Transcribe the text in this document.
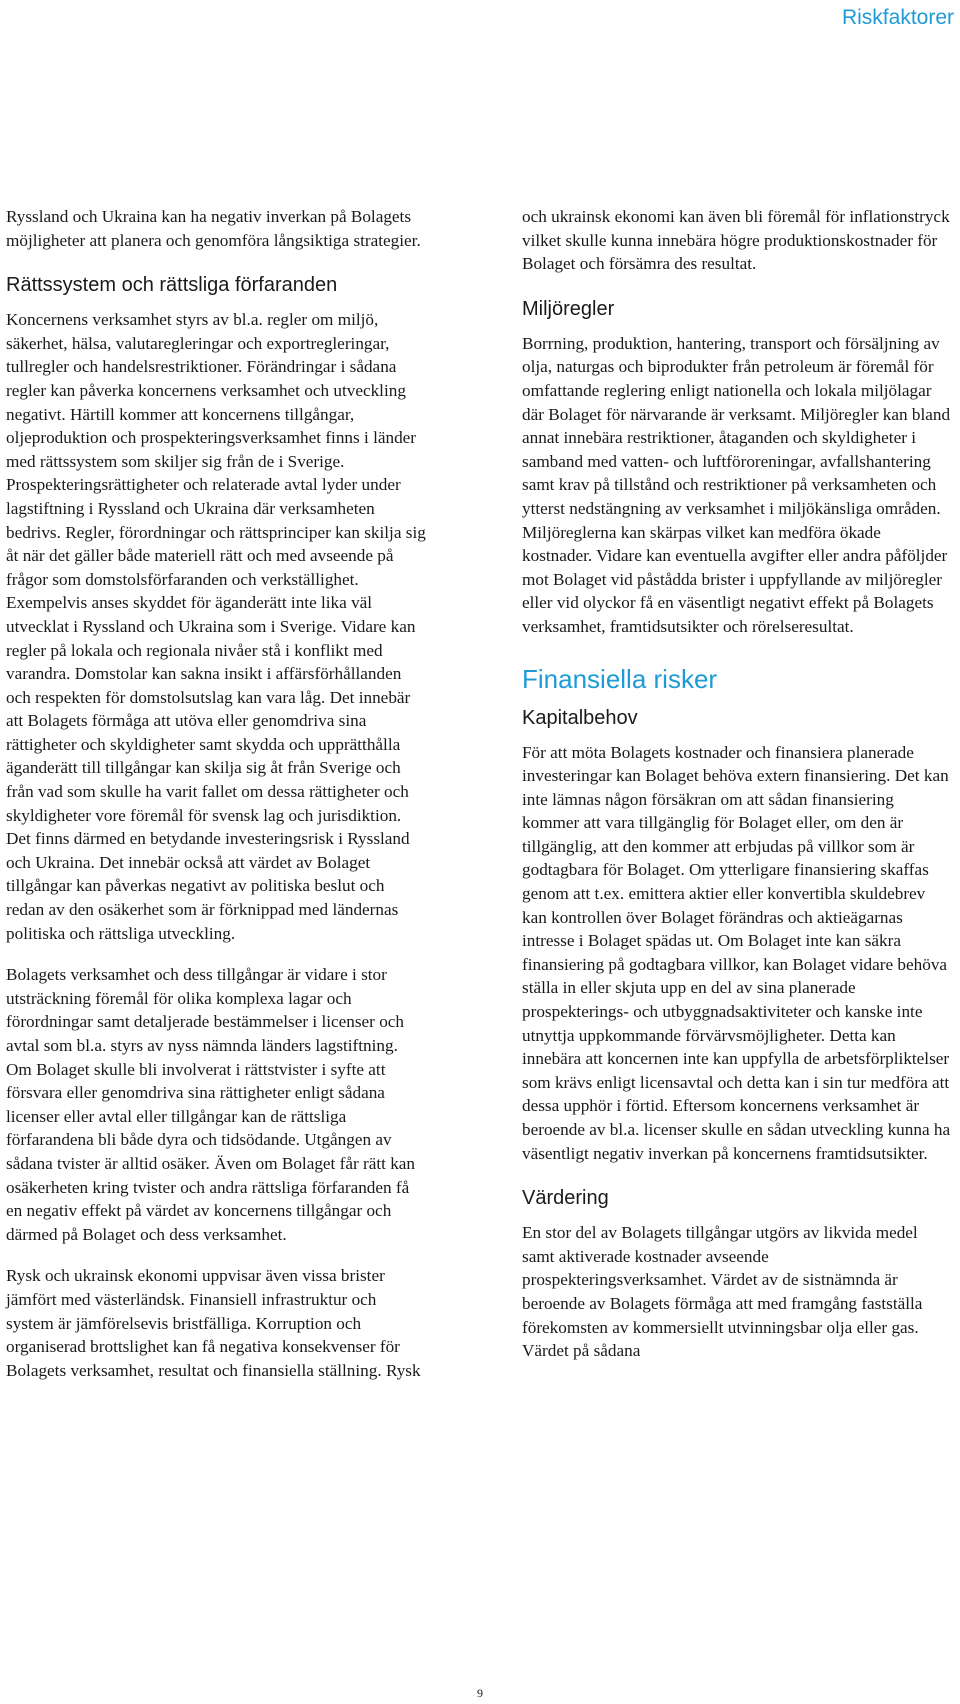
Riskfaktorer

Ryssland och Ukraina kan ha negativ inverkan på Bolagets möjligheter att planera och genomföra långsiktiga strategier.

Rättssystem och rättsliga förfaranden

Koncernens verksamhet styrs av bl.a. regler om miljö, säkerhet, hälsa, valutaregleringar och exportregleringar, tullregler och handelsrestriktioner. Förändringar i sådana regler kan påverka koncernens verksamhet och utveckling negativt. Härtill kommer att koncernens tillgångar, oljeproduktion och prospekteringsverksamhet finns i länder med rättssystem som skiljer sig från de i Sverige. Prospekteringsrättigheter och relaterade avtal lyder under lagstiftning i Ryssland och Ukraina där verksamheten bedrivs. Regler, förordningar och rättsprinciper kan skilja sig åt när det gäller både materiell rätt och med avseende på frågor som domstolsförfaranden och verkställighet. Exempelvis anses skyddet för äganderätt inte lika väl utvecklat i Ryssland och Ukraina som i Sverige. Vidare kan regler på lokala och regionala nivåer stå i konflikt med varandra. Domstolar kan sakna insikt i affärsförhållanden och respekten för domstolsutslag kan vara låg. Det innebär att Bolagets förmåga att utöva eller genomdriva sina rättigheter och skyldigheter samt skydda och upprätthålla äganderätt till tillgångar kan skilja sig åt från Sverige och från vad som skulle ha varit fallet om dessa rättigheter och skyldigheter vore föremål för svensk lag och jurisdiktion. Det finns därmed en betydande investeringsrisk i Ryssland och Ukraina. Det innebär också att värdet av Bolaget tillgångar kan påverkas negativt av politiska beslut och redan av den osäkerhet som är förknippad med ländernas politiska och rättsliga utveckling.

Bolagets verksamhet och dess tillgångar är vidare i stor utsträckning föremål för olika komplexa lagar och förordningar samt detaljerade bestämmelser i licenser och avtal som bl.a. styrs av nyss nämnda länders lagstiftning. Om Bolaget skulle bli involverat i rättstvister i syfte att försvara eller genomdriva sina rättigheter enligt sådana licenser eller avtal eller tillgångar kan de rättsliga förfarandena bli både dyra och tidsödande. Utgången av sådana tvister är alltid osäker. Även om Bolaget får rätt kan osäkerheten kring tvister och andra rättsliga förfaranden få en negativ effekt på värdet av koncernens tillgångar och därmed på Bolaget och dess verksamhet.

Rysk och ukrainsk ekonomi uppvisar även vissa brister jämfört med västerländsk. Finansiell infrastruktur och system är jämförelsevis bristfälliga. Korruption och organiserad brottslighet kan få negativa konsekvenser för Bolagets verksamhet, resultat och finansiella ställning. Rysk

och ukrainsk ekonomi kan även bli föremål för inflationstryck vilket skulle kunna innebära högre produktionskostnader för Bolaget och försämra des resultat.

Miljöregler

Borrning, produktion, hantering, transport och försäljning av olja, naturgas och biprodukter från petroleum är föremål för omfattande reglering enligt nationella och lokala miljölagar där Bolaget för närvarande är verksamt. Miljöregler kan bland annat innebära restriktioner, åtaganden och skyldigheter i samband med vatten- och luftföroreningar, avfallshantering samt krav på tillstånd och restriktioner på verksamheten och ytterst nedstängning av verksamhet i miljökänsliga områden. Miljöreglerna kan skärpas vilket kan medföra ökade kostnader. Vidare kan eventuella avgifter eller andra påföljder mot Bolaget vid påstådda brister i uppfyllande av miljöregler eller vid olyckor få en väsentligt negativt effekt på Bolagets verksamhet, framtidsutsikter och rörelseresultat.

Finansiella risker
Kapitalbehov

För att möta Bolagets kostnader och finansiera planerade investeringar kan Bolaget behöva extern finansiering. Det kan inte lämnas någon försäkran om att sådan finansiering kommer att vara tillgänglig för Bolaget eller, om den är tillgänglig, att den kommer att erbjudas på villkor som är godtagbara för Bolaget. Om ytterligare finansiering skaffas genom att t.ex. emittera aktier eller konvertibla skuldebrev kan kontrollen över Bolaget förändras och aktieägarnas intresse i Bolaget spädas ut. Om Bolaget inte kan säkra finansiering på godtagbara villkor, kan Bolaget vidare behöva ställa in eller skjuta upp en del av sina planerade prospekterings- och utbyggnadsaktiviteter och kanske inte utnyttja uppkommande förvärvsmöjligheter. Detta kan innebära att koncernen inte kan uppfylla de arbetsförpliktelser som krävs enligt licensavtal och detta kan i sin tur medföra att dessa upphör i förtid. Eftersom koncernens verksamhet är beroende av bl.a. licenser skulle en sådan utveckling kunna ha väsentligt negativ inverkan på koncernens framtidsutsikter.

Värdering

En stor del av Bolagets tillgångar utgörs av likvida medel samt aktiverade kostnader avseende prospekteringsverksamhet. Värdet av de sistnämnda är beroende av Bolagets förmåga att med framgång fastställa förekomsten av kommersiellt utvinningsbar olja eller gas. Värdet på sådana

9
